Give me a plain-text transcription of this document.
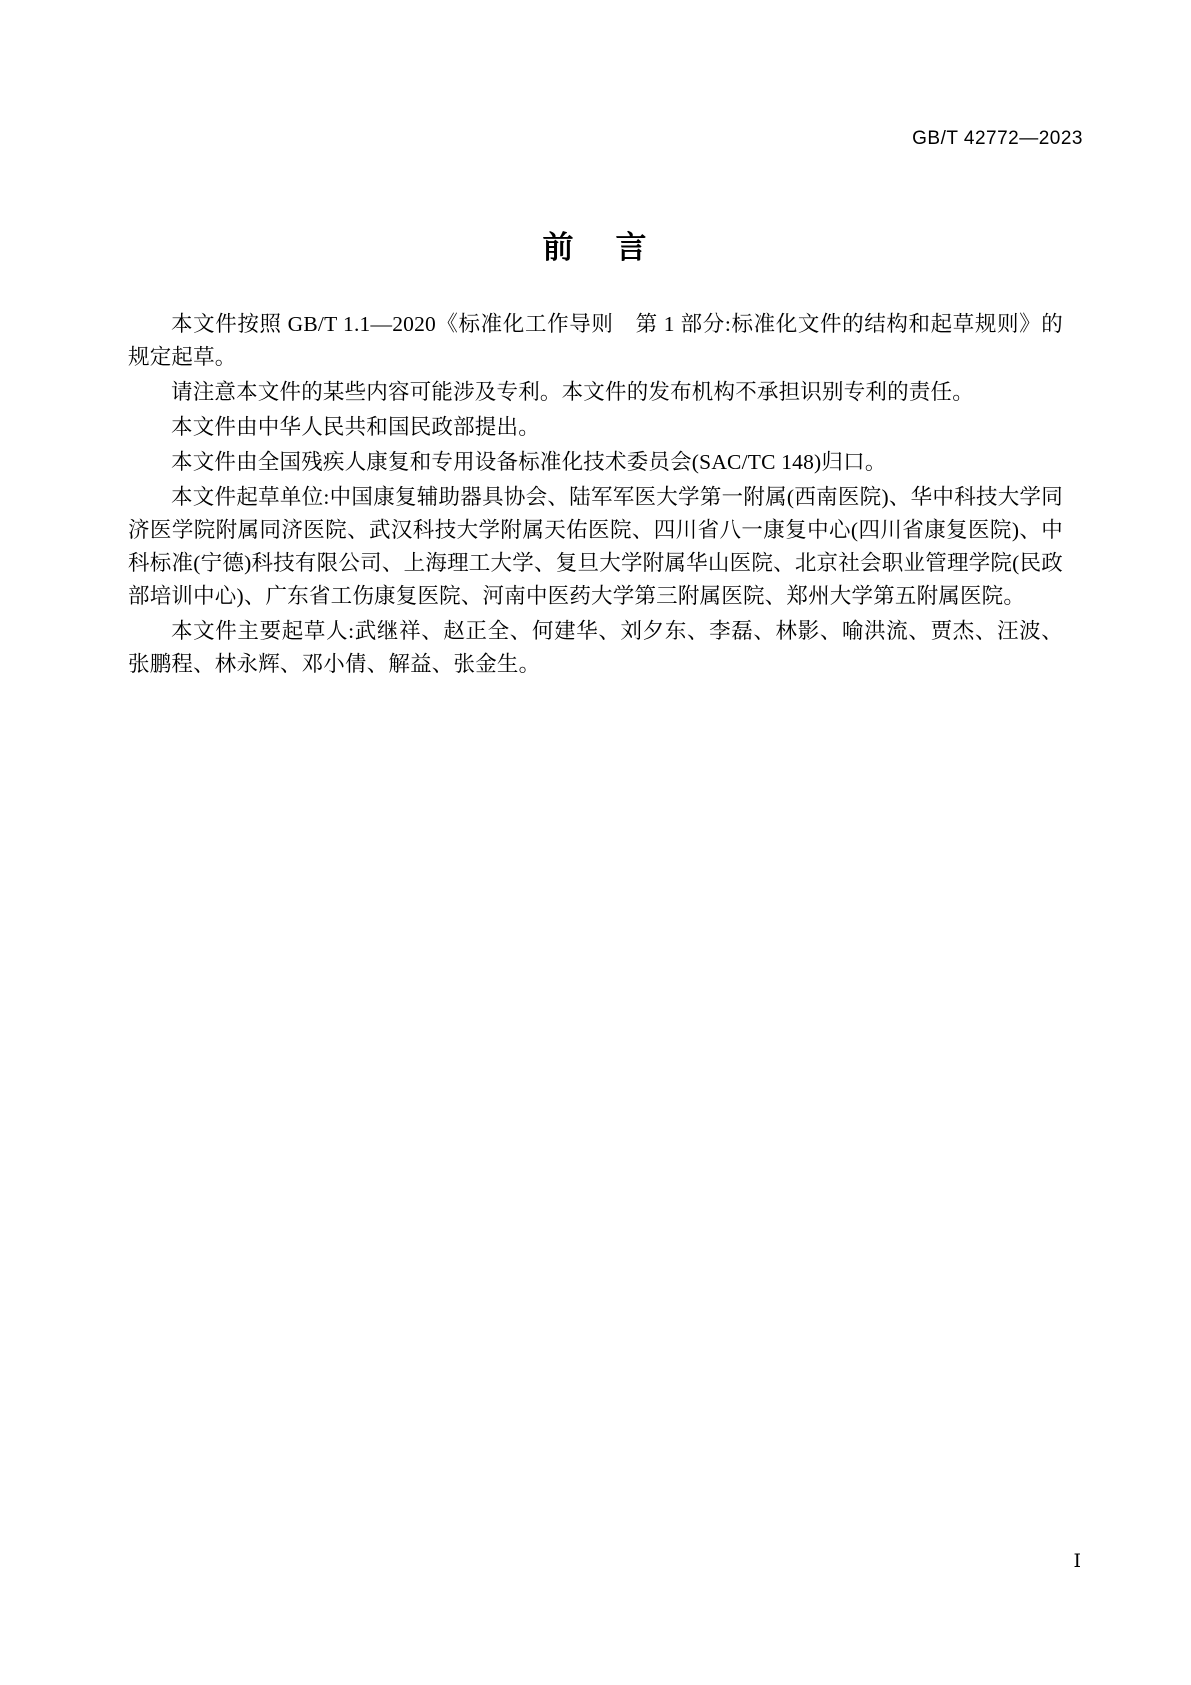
GB/T 42772—2023
前 言

本文件按照 GB/T 1.1—2020《标准化工作导则　第 1 部分:标准化文件的结构和起草规则》的规定起草。

请注意本文件的某些内容可能涉及专利。本文件的发布机构不承担识别专利的责任。

本文件由中华人民共和国民政部提出。

本文件由全国残疾人康复和专用设备标准化技术委员会(SAC/TC 148)归口。

本文件起草单位:中国康复辅助器具协会、陆军军医大学第一附属(西南医院)、华中科技大学同济医学院附属同济医院、武汉科技大学附属天佑医院、四川省八一康复中心(四川省康复医院)、中科标准(宁德)科技有限公司、上海理工大学、复旦大学附属华山医院、北京社会职业管理学院(民政部培训中心)、广东省工伤康复医院、河南中医药大学第三附属医院、郑州大学第五附属医院。

本文件主要起草人:武继祥、赵正全、何建华、刘夕东、李磊、林影、喻洪流、贾杰、汪波、张鹏程、林永辉、邓小倩、解益、张金生。

Ⅰ
